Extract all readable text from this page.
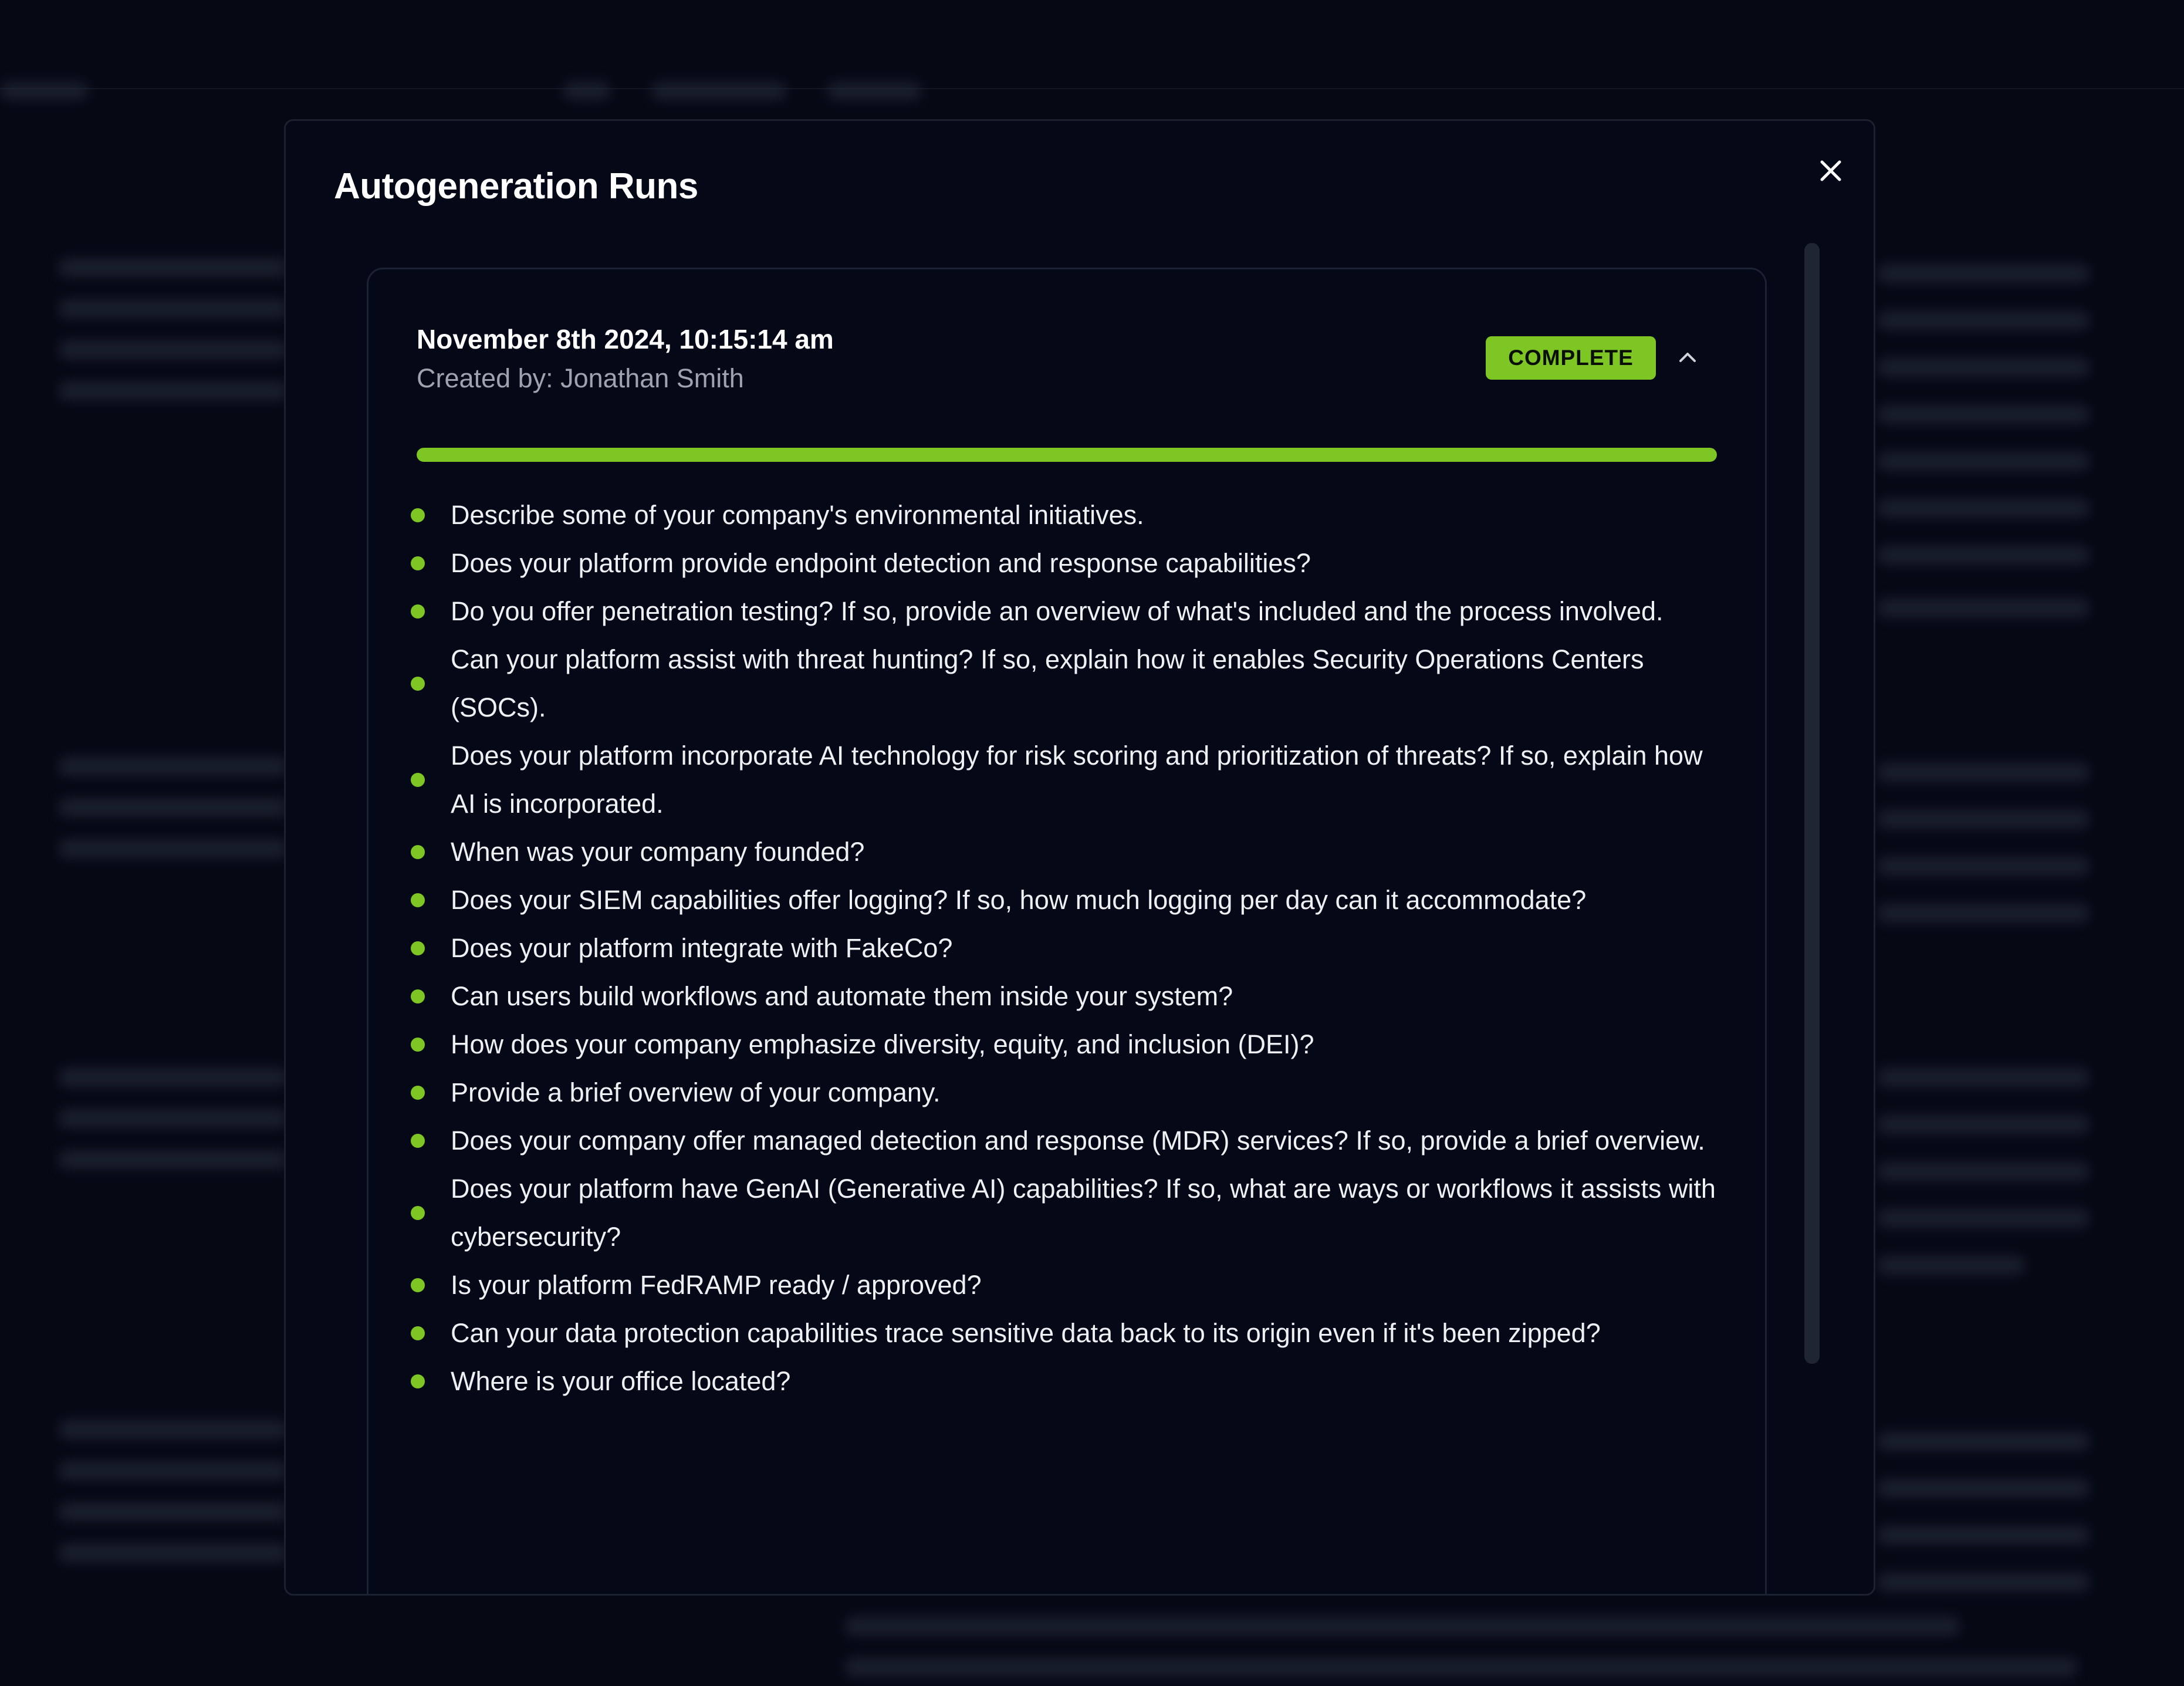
Autogeneration Runs
November 8th 2024, 10:15:14 am
Created by: Jonathan Smith
COMPLETE
Describe some of your company's environmental initiatives.
Does your platform provide endpoint detection and response capabilities?
Do you offer penetration testing? If so, provide an overview of what's included and the process involved.
Can your platform assist with threat hunting? If so, explain how it enables Security Operations Centers (SOCs).
Does your platform incorporate AI technology for risk scoring and prioritization of threats? If so, explain how AI is incorporated.
When was your company founded?
Does your SIEM capabilities offer logging? If so, how much logging per day can it accommodate?
Does your platform integrate with FakeCo?
Can users build workflows and automate them inside your system?
How does your company emphasize diversity, equity, and inclusion (DEI)?
Provide a brief overview of your company.
Does your company offer managed detection and response (MDR) services? If so, provide a brief overview.
Does your platform have GenAI (Generative AI) capabilities? If so, what are ways or workflows it assists with cybersecurity?
Is your platform FedRAMP ready / approved?
Can your data protection capabilities trace sensitive data back to its origin even if it's been zipped?
Where is your office located?
